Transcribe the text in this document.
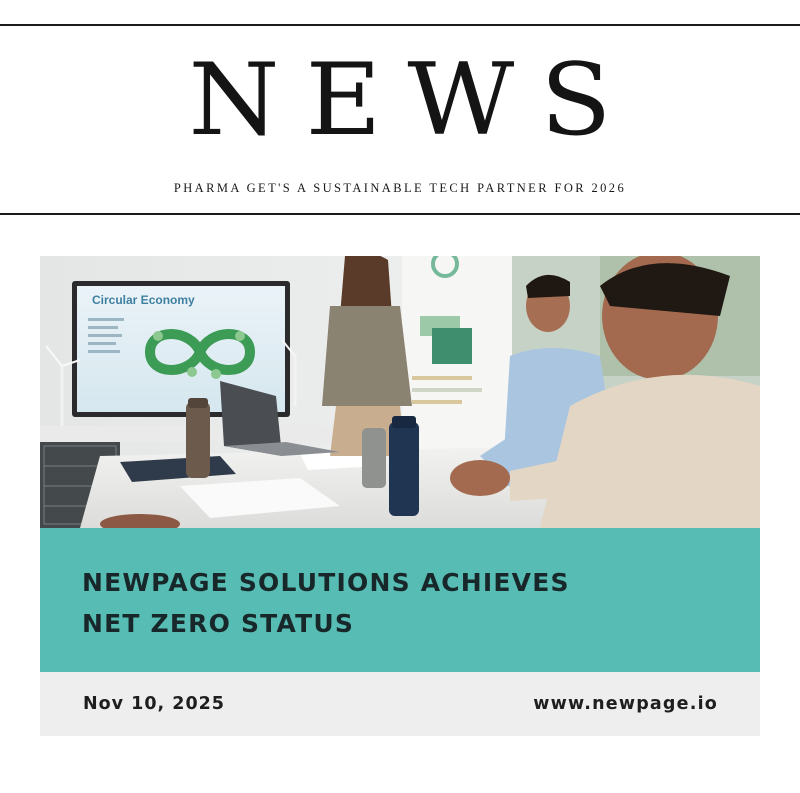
NEWS
PHARMA GET'S A SUSTAINABLE TECH PARTNER FOR 2026
Circular Economy
NEWPAGE SOLUTIONS ACHIEVES
NET ZERO STATUS
Nov 10, 2025	www.newpage.io
